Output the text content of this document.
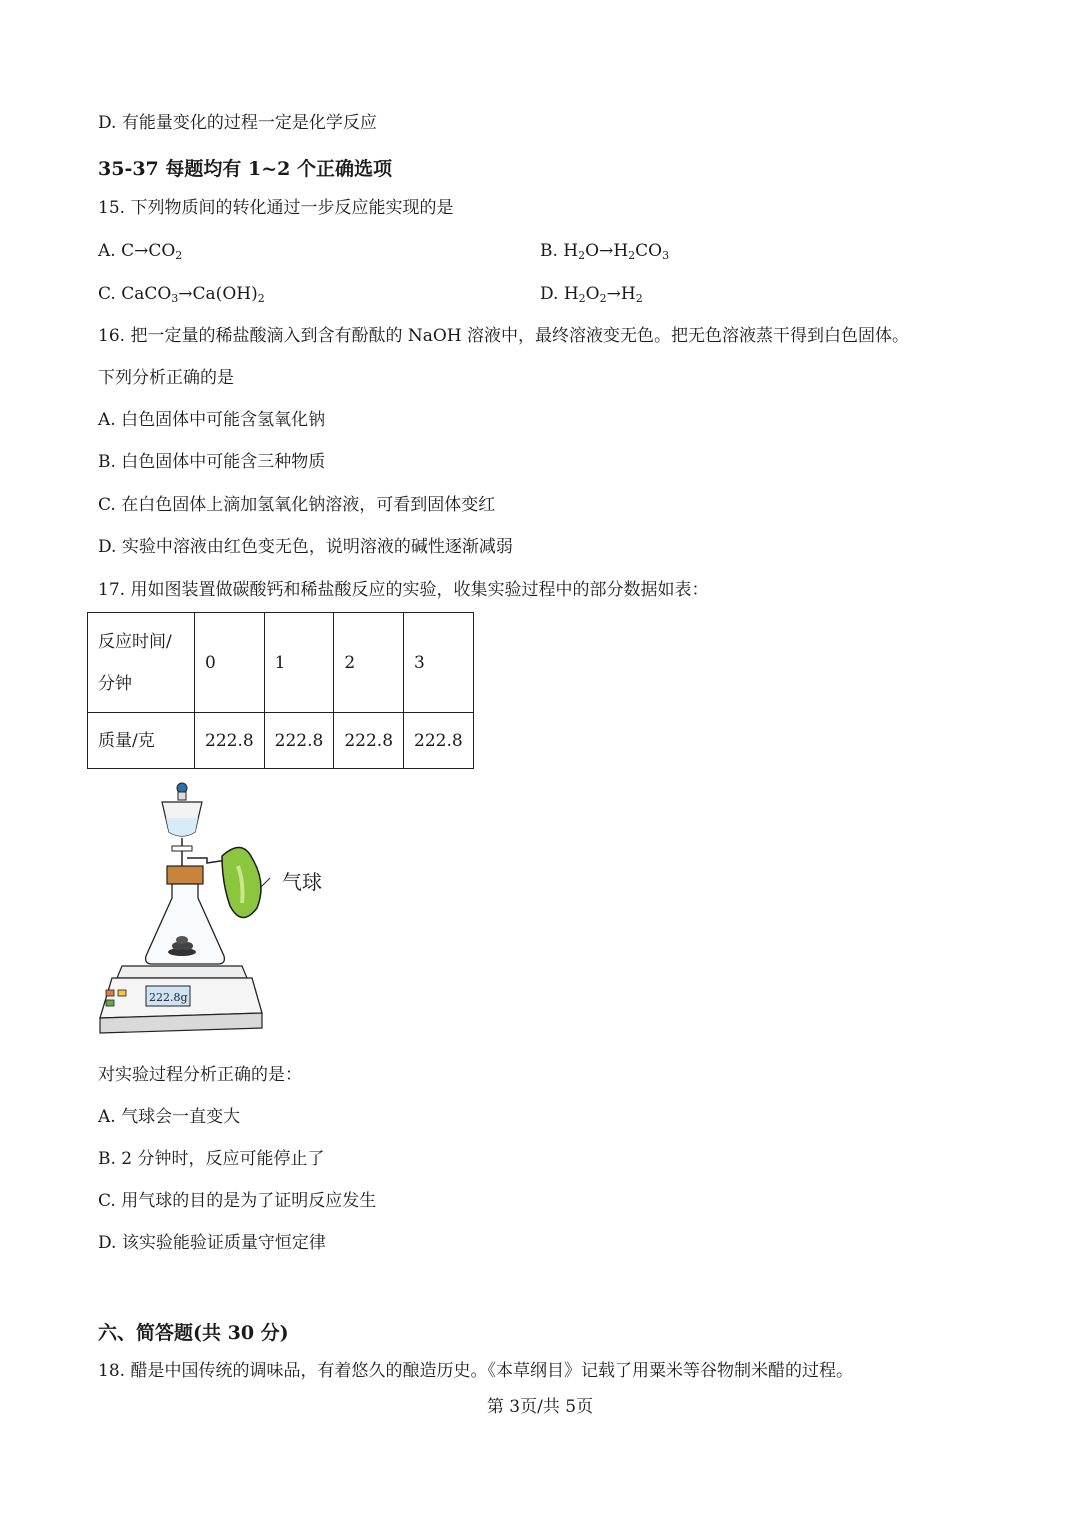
D. 有能量变化的过程一定是化学反应
35-37 每题均有 1~2 个正确选项
15. 下列物质间的转化通过一步反应能实现的是
A. $C\to CO_2$	B. $H_2O\to H_2CO_3$
C. $CaCO_3\to Ca(OH)_2$	D. $H_2O_2\to H_2$
16. 把一定量的稀盐酸滴入到含有酚酞的 NaOH 溶液中，最终溶液变无色。把无色溶液蒸干得到白色固体。
下列分析正确的是
A. 白色固体中可能含氢氧化钠
B. 白色固体中可能含三种物质
C. 在白色固体上滴加氢氧化钠溶液，可看到固体变红
D. 实验中溶液由红色变无色，说明溶液的碱性逐渐减弱
17. 用如图装置做碳酸钙和稀盐酸反应的实验，收集实验过程中的部分数据如表：
反应时间/
分钟	0	1	2	3
质量/克	222.8	222.8	222.8	222.8
222.8g
气球
对实验过程分析正确的是：
A. 气球会一直变大
B. 2 分钟时，反应可能停止了
C. 用气球的目的是为了证明反应发生
D. 该实验能验证质量守恒定律
六、简答题(共 30 分)
18. 醋是中国传统的调味品，有着悠久的酿造历史。《本草纲目》记载了用粟米等谷物制米醋的过程。
第 3页/共 5页
